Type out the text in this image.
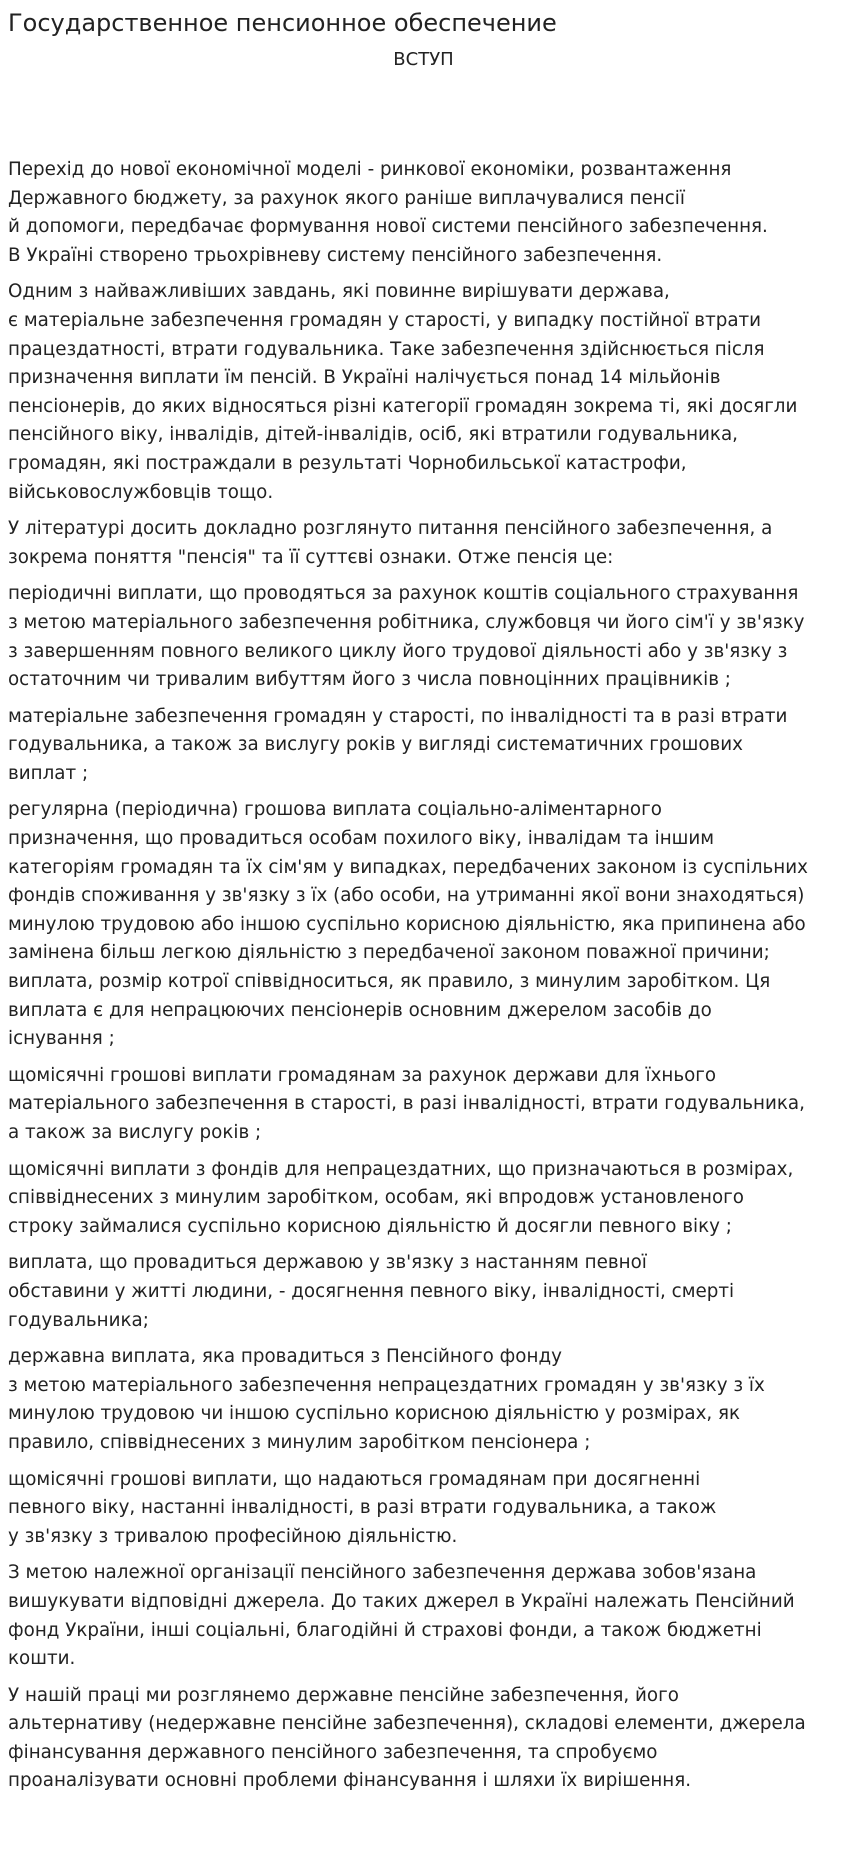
Государственное пенсионное обеспечение
ВСТУП

Перехід до нової економічної моделі - ринкової економіки, розвантаження
Державного бюджету, за рахунок якого раніше виплачувалися пенсії
й допомоги, передбачає формування нової системи пенсійного забезпечення.
В Україні створено трьохрівневу систему пенсійного забезпечення.

Одним з найважливіших завдань, які повинне вирішувати держава,
є матеріальне забезпечення громадян у старості, у випадку постійної втрати
працездатності, втрати годувальника. Таке забезпечення здійснюється після
призначення виплати їм пенсій. В Україні налічується понад 14 мільйонів
пенсіонерів, до яких відносяться різні категорії громадян зокрема ті, які досягли
пенсійного віку, інвалідів, дітей-інвалідів, осіб, які втратили годувальника,
громадян, які постраждали в результаті Чорнобильської катастрофи,
військовослужбовців тощо.

У літературі досить докладно розглянуто питання пенсійного забезпечення, а
зокрема поняття "пенсія" та її суттєві ознаки. Отже пенсія це:

періодичні виплати, що проводяться за рахунок коштів соціального страхування
з метою матеріального забезпечення робітника, службовця чи його сім'ї у зв'язку
з завершенням повного великого циклу його трудової діяльності або у зв'язку з
остаточним чи тривалим вибуттям його з числа повноцінних працівників ;

матеріальне забезпечення громадян у старості, по інвалідності та в разі втрати
годувальника, а також за вислугу років у вигляді систематичних грошових
виплат ;

регулярна (періодична) грошова виплата соціально-аліментарного
призначення, що провадиться особам похилого віку, інвалідам та іншим
категоріям громадян та їх сім'ям у випадках, передбачених законом із суспільних
фондів споживання у зв'язку з їх (або особи, на утриманні якої вони знаходяться)
минулою трудовою або іншою суспільно корисною діяльністю, яка припинена або
замінена більш легкою діяльністю з передбаченої законом поважної причини;
виплата, розмір котрої співвідноситься, як правило, з минулим заробітком. Ця
виплата є для непрацюючих пенсіонерів основним джерелом засобів до
існування ;

щомісячні грошові виплати громадянам за рахунок держави для їхнього
матеріального забезпечення в старості, в разі інвалідності, втрати годувальника,
а також за вислугу років ;

щомісячні виплати з фондів для непрацездатних, що призначаються в розмірах,
співвіднесених з минулим заробітком, особам, які впродовж установленого
строку займалися суспільно корисною діяльністю й досягли певного віку ;

виплата, що провадиться державою у зв'язку з настанням певної
обставини у житті людини, - досягнення певного віку, інвалідності, смерті
годувальника;

державна виплата, яка провадиться з Пенсійного фонду
з метою матеріального забезпечення непрацездатних громадян у зв'язку з їх
минулою трудовою чи іншою суспільно корисною діяльністю у розмірах, як
правило, співвіднесених з минулим заробітком пенсіонера ;

щомісячні грошові виплати, що надаються громадянам при досягненні
певного віку, настанні інвалідності, в разі втрати годувальника, а також
у зв'язку з тривалою професійною діяльністю.

З метою належної організації пенсійного забезпечення держава зобов'язана
вишукувати відповідні джерела. До таких джерел в Україні належать Пенсійний
фонд України, інші соціальні, благодійні й страхові фонди, а також бюджетні
кошти.

У нашій праці ми розглянемо державне пенсійне забезпечення, його
альтернативу (недержавне пенсійне забезпечення), складові елементи, джерела
фінансування державного пенсійного забезпечення, та спробуємо
проаналізувати основні проблеми фінансування і шляхи їх вирішення.
